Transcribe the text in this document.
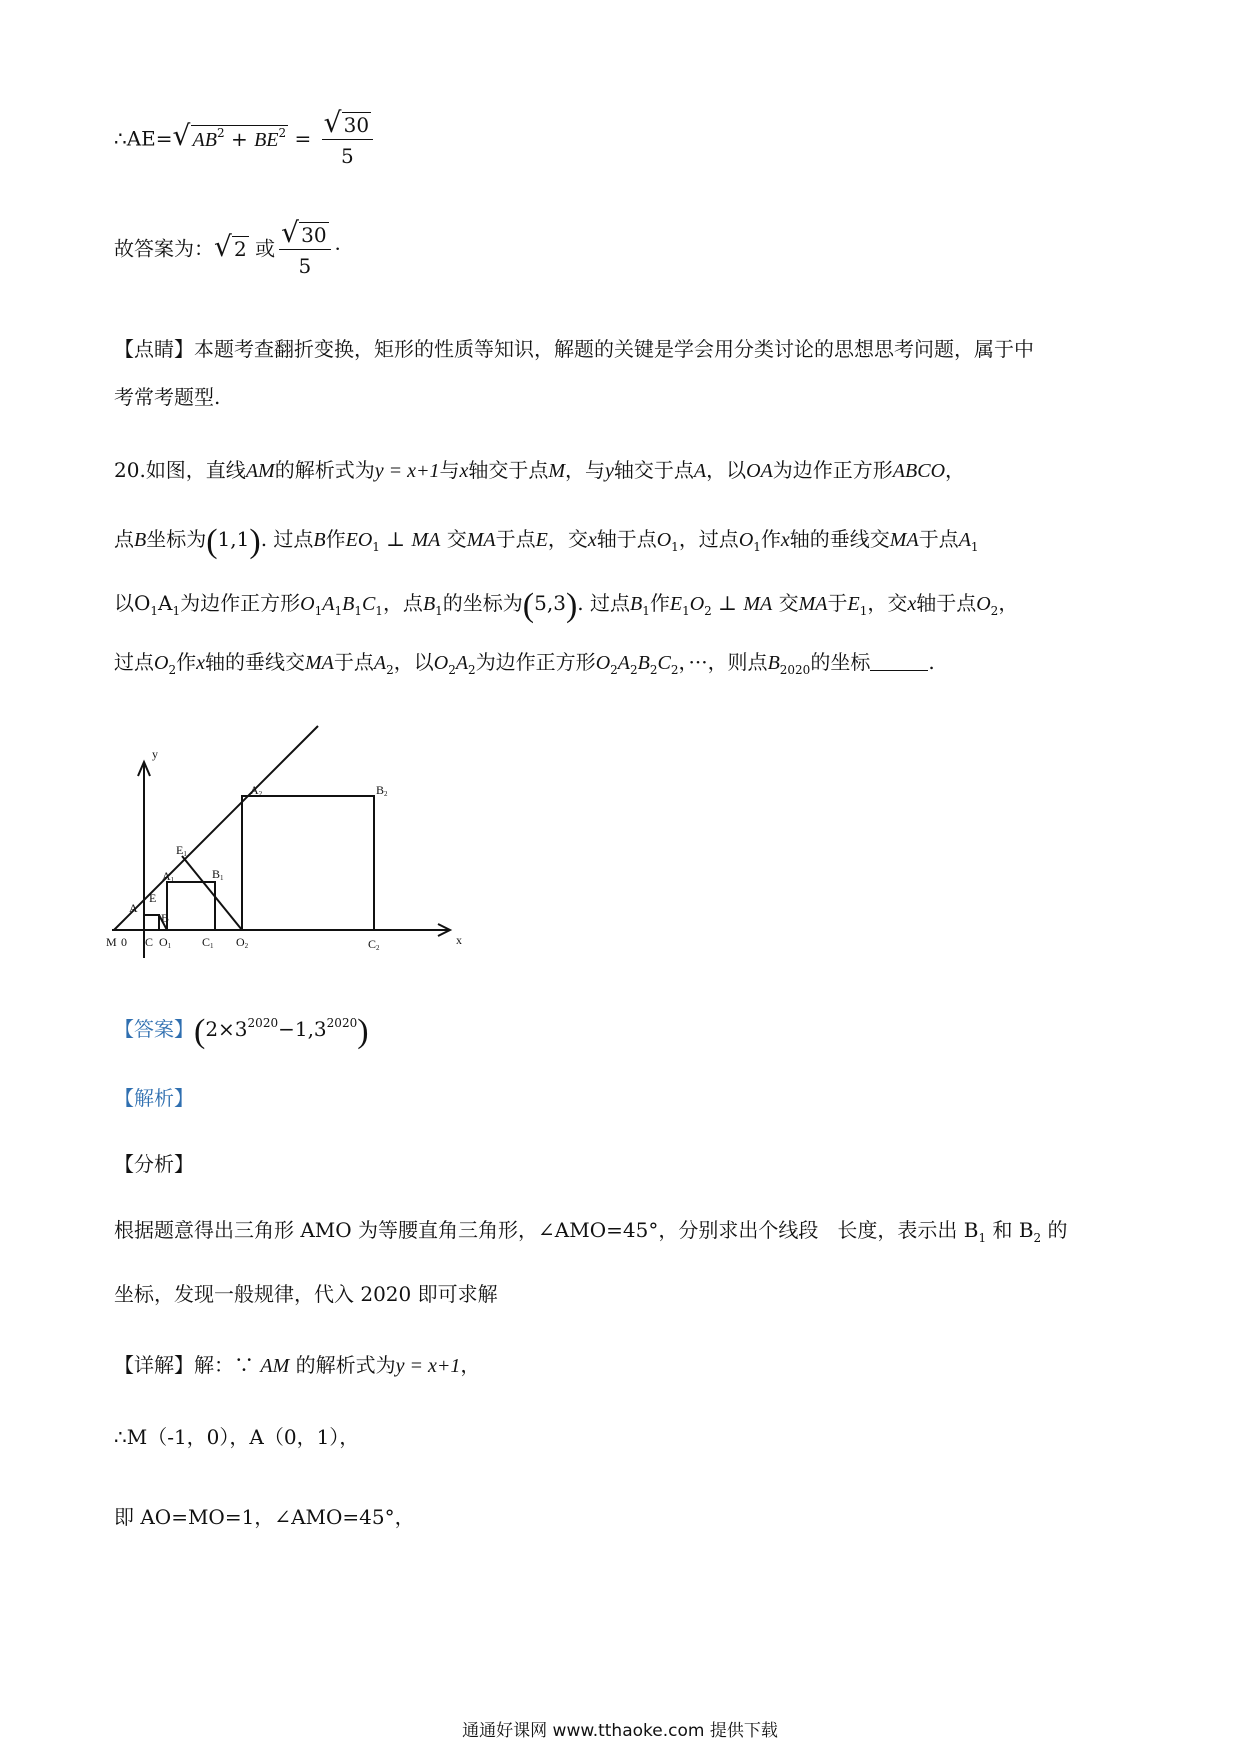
∴AE= √ $AB^2 + BE^2$ = √ $\frac{30}{5}$
故答案为： √ 2 或 √ $\frac{30}{5}$ ·
【点睛】本题考查翻折变换，矩形的性质等知识，解题的关键是学会用分类讨论的思想思考问题，属于中
考常考题型.
20.如图，直线AM的解析式为y = x+1与x轴交于点M，与y轴交于点A，以OA为边作正方形ABCO，
点B坐标为(1,1). 过点B作$EO_1$ ⊥ MA 交MA于点E，交x轴于点$O_1$，过点$O_1$作x轴的垂线交MA于点$A_1$
以$O_1A_1$为边作正方形$O_1A_1B_1C_1$，点$B_1$的坐标为(5,3). 过点$B_1$作$E_1O_2$ ⊥ MA 交MA于$E_1$，交x轴于点$O_2$，
过点$O_2$作x轴的垂线交MA于点$A_2$，以$O_2A_2$为边作正方形$O_2A_2B_2C_2$，···，则点$B_{2020}$的坐标	.
y
x
M 0 C O1	C1 O2	C2
A
E
B
A1
E1
B1
A2	B2
【答案】$(2\times 3^{2020}-1,3^{2020})$
【解析】
【分析】
根据题意得出三角形 AMO 为等腰直角三角形，∠AMO=45°，分别求出个线段 长度，表示出 $B_1$ 和 $B_2$ 的
坐标，发现一般规律，代入 2020 即可求解
【详解】解：∵ AM 的解析式为y = x+1，
∴M（-1，0），A（0，1），
即 AO=MO=1，∠AMO=45°，
通通好课网 www.tthaoke.com 提供下载
